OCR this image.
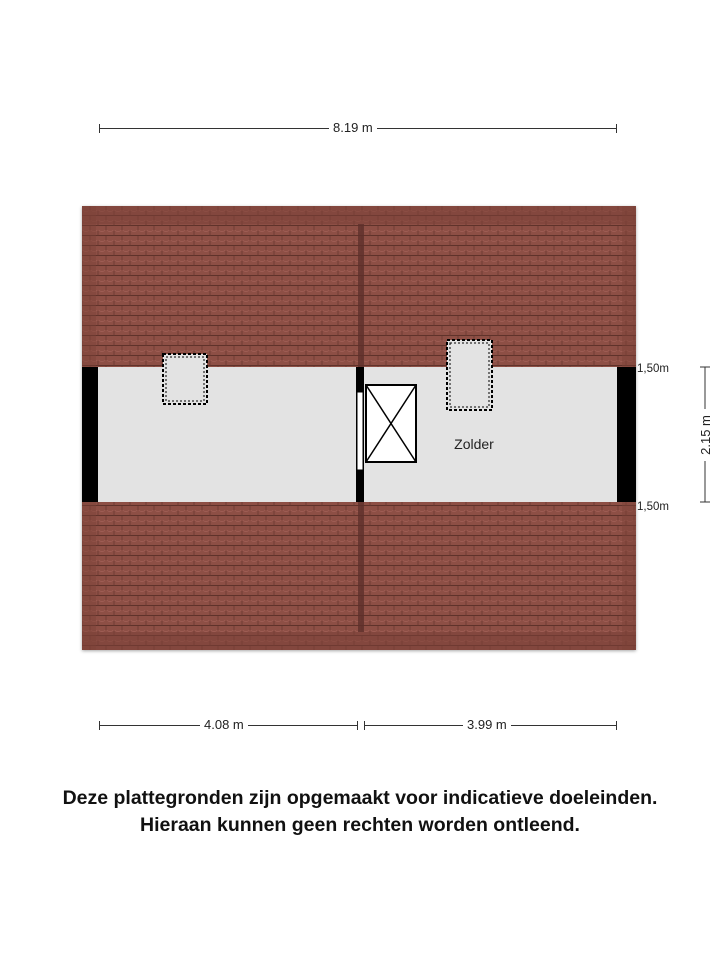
8.19 m
Zolder
1,50m
1,50m
2.15 m
4.08 m	3.99 m
Deze plattegronden zijn opgemaakt voor indicatieve doeleinden.
Hieraan kunnen geen rechten worden ontleend.
